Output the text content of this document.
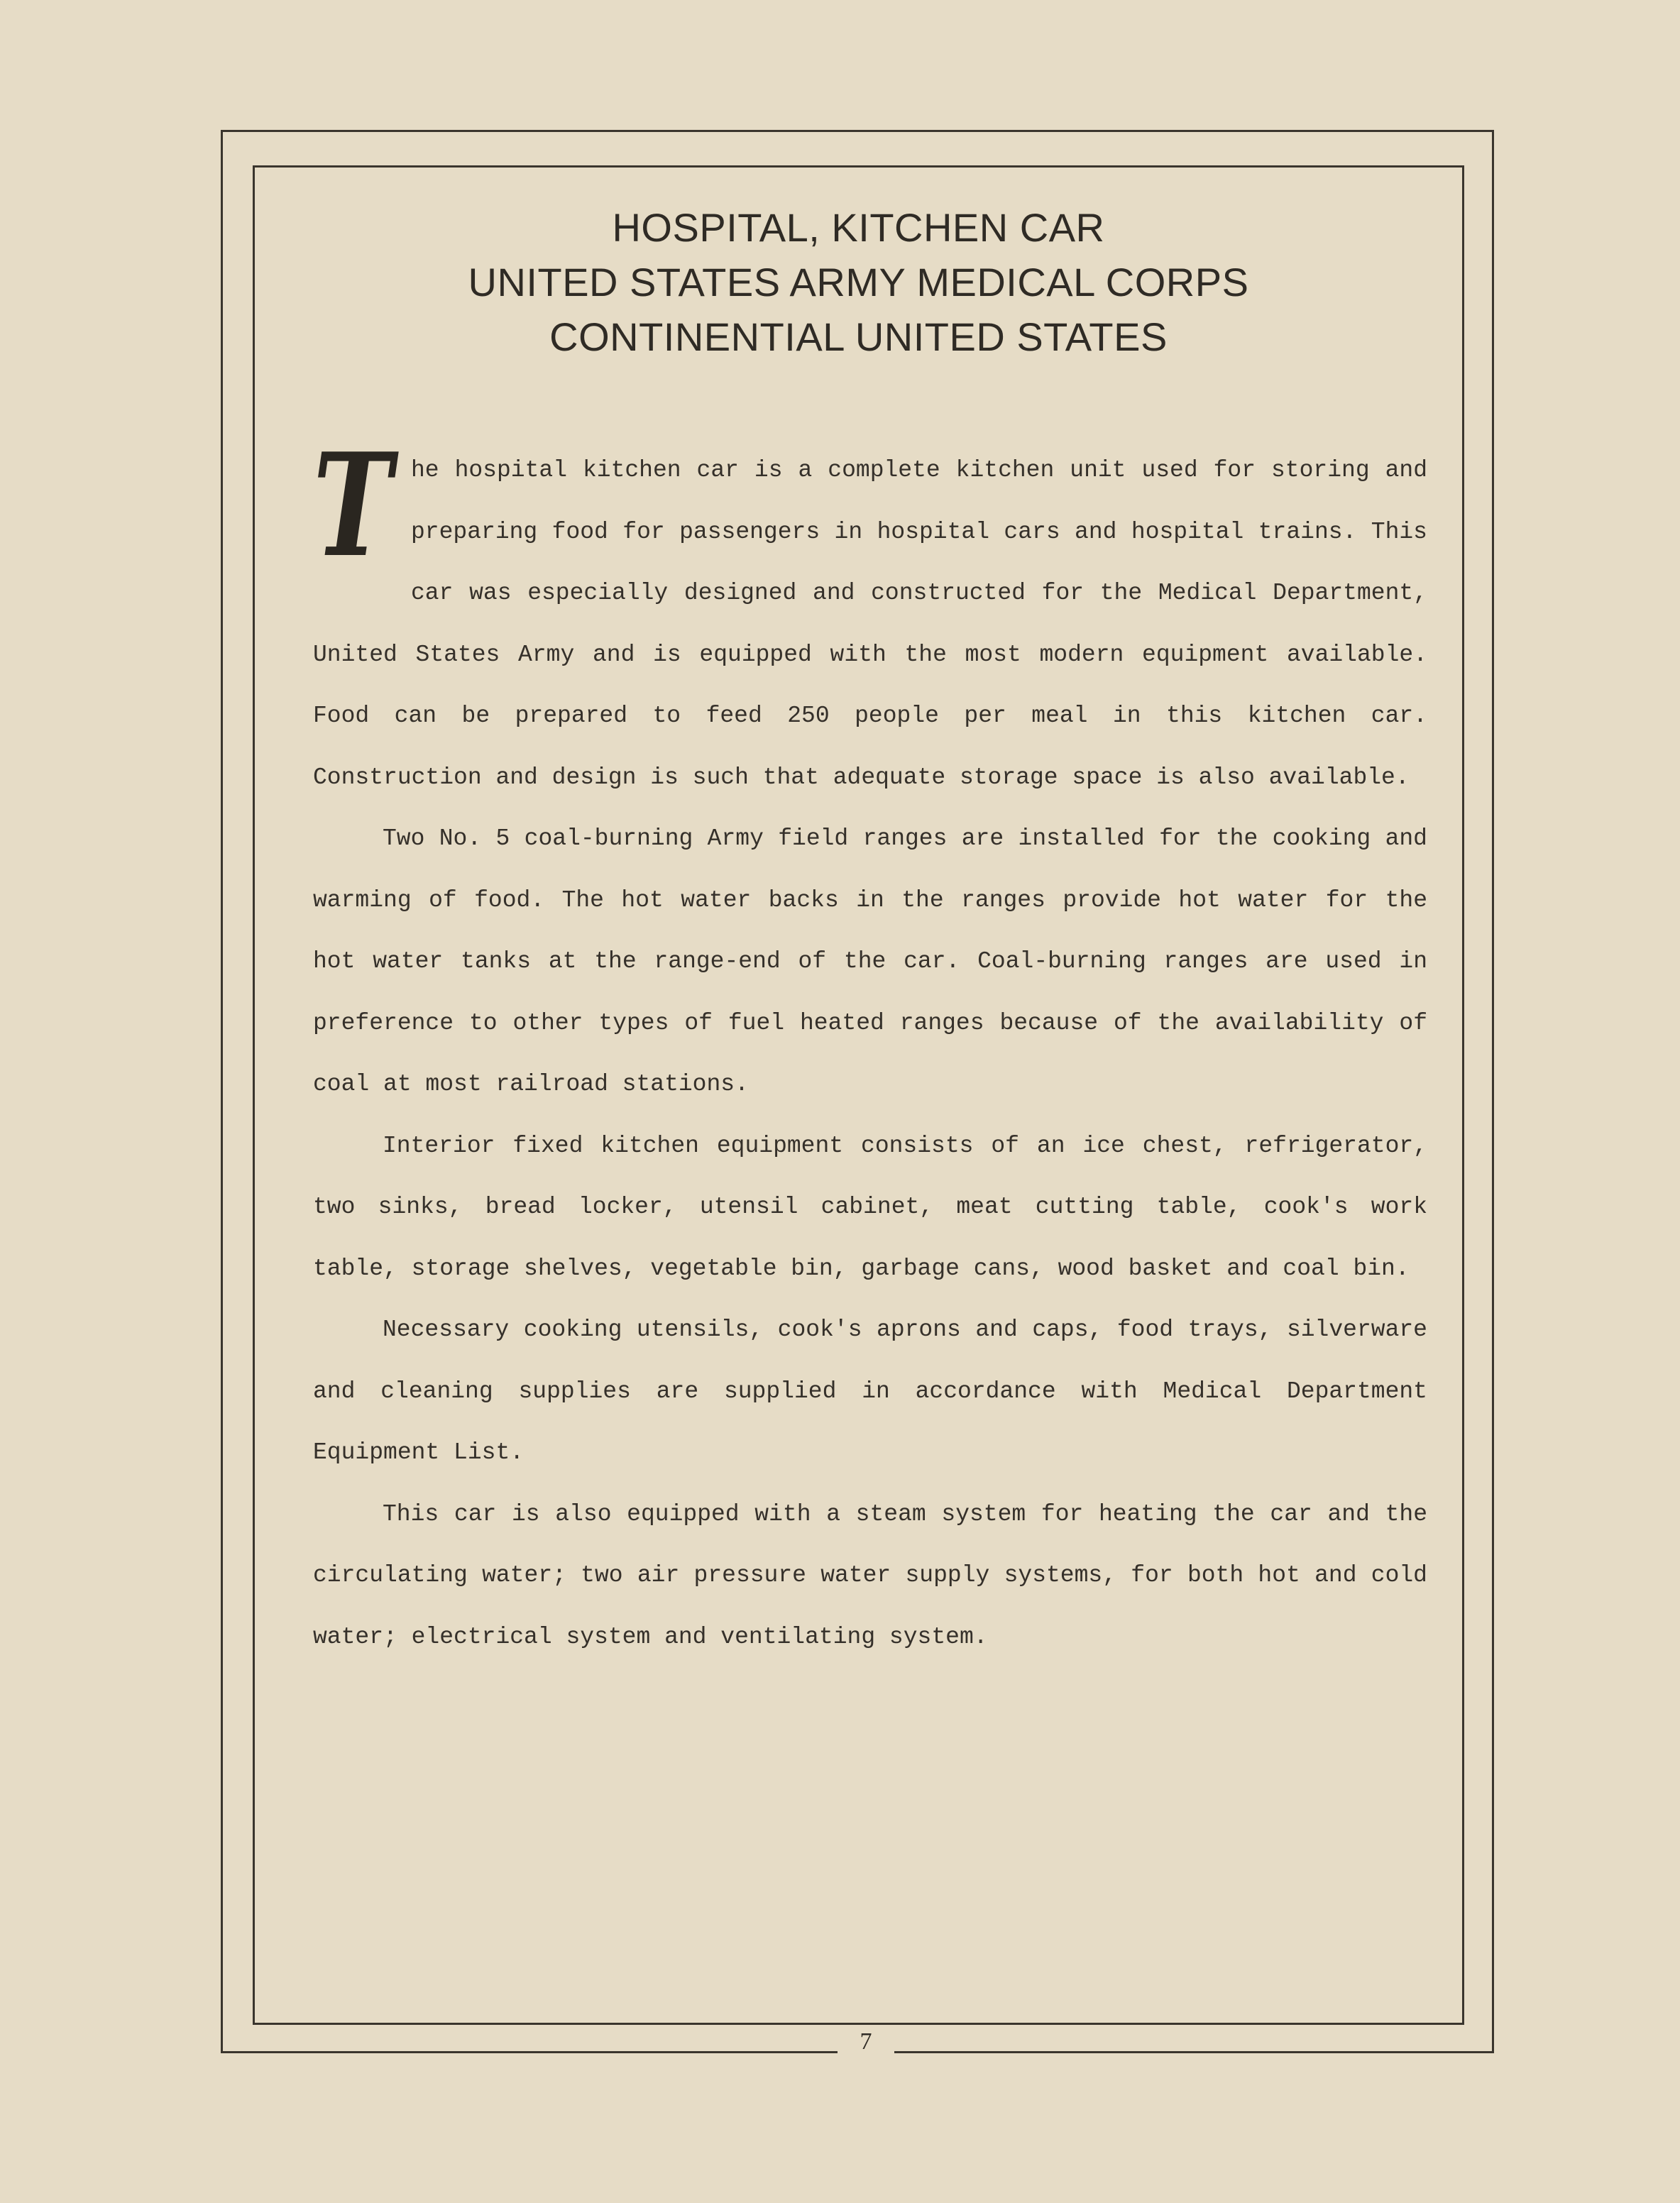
HOSPITAL, KITCHEN CAR
UNITED STATES ARMY MEDICAL CORPS
CONTINENTIAL UNITED STATES

T he hospital kitchen car is a complete kitchen unit used for storing and preparing food for passengers in hospital cars and hospital trains. This car was especially designed and constructed for the Medical Department, United States Army and is equipped with the most modern equipment available. Food can be prepared to feed 250 people per meal in this kitchen car. Construction and design is such that adequate storage space is also available.

Two No. 5 coal-burning Army field ranges are installed for the cooking and warming of food. The hot water backs in the ranges provide hot water for the hot water tanks at the range-end of the car. Coal-burning ranges are used in preference to other types of fuel heated ranges because of the availability of coal at most railroad stations.

Interior fixed kitchen equipment consists of an ice chest, refrigerator, two sinks, bread locker, utensil cabinet, meat cutting table, cook's work table, storage shelves, vegetable bin, garbage cans, wood basket and coal bin.

Necessary cooking utensils, cook's aprons and caps, food trays, silverware and cleaning supplies are supplied in accordance with Medical Department Equipment List.

This car is also equipped with a steam system for heating the car and the circulating water; two air pressure water supply systems, for both hot and cold water; electrical system and ventilating system.

7
